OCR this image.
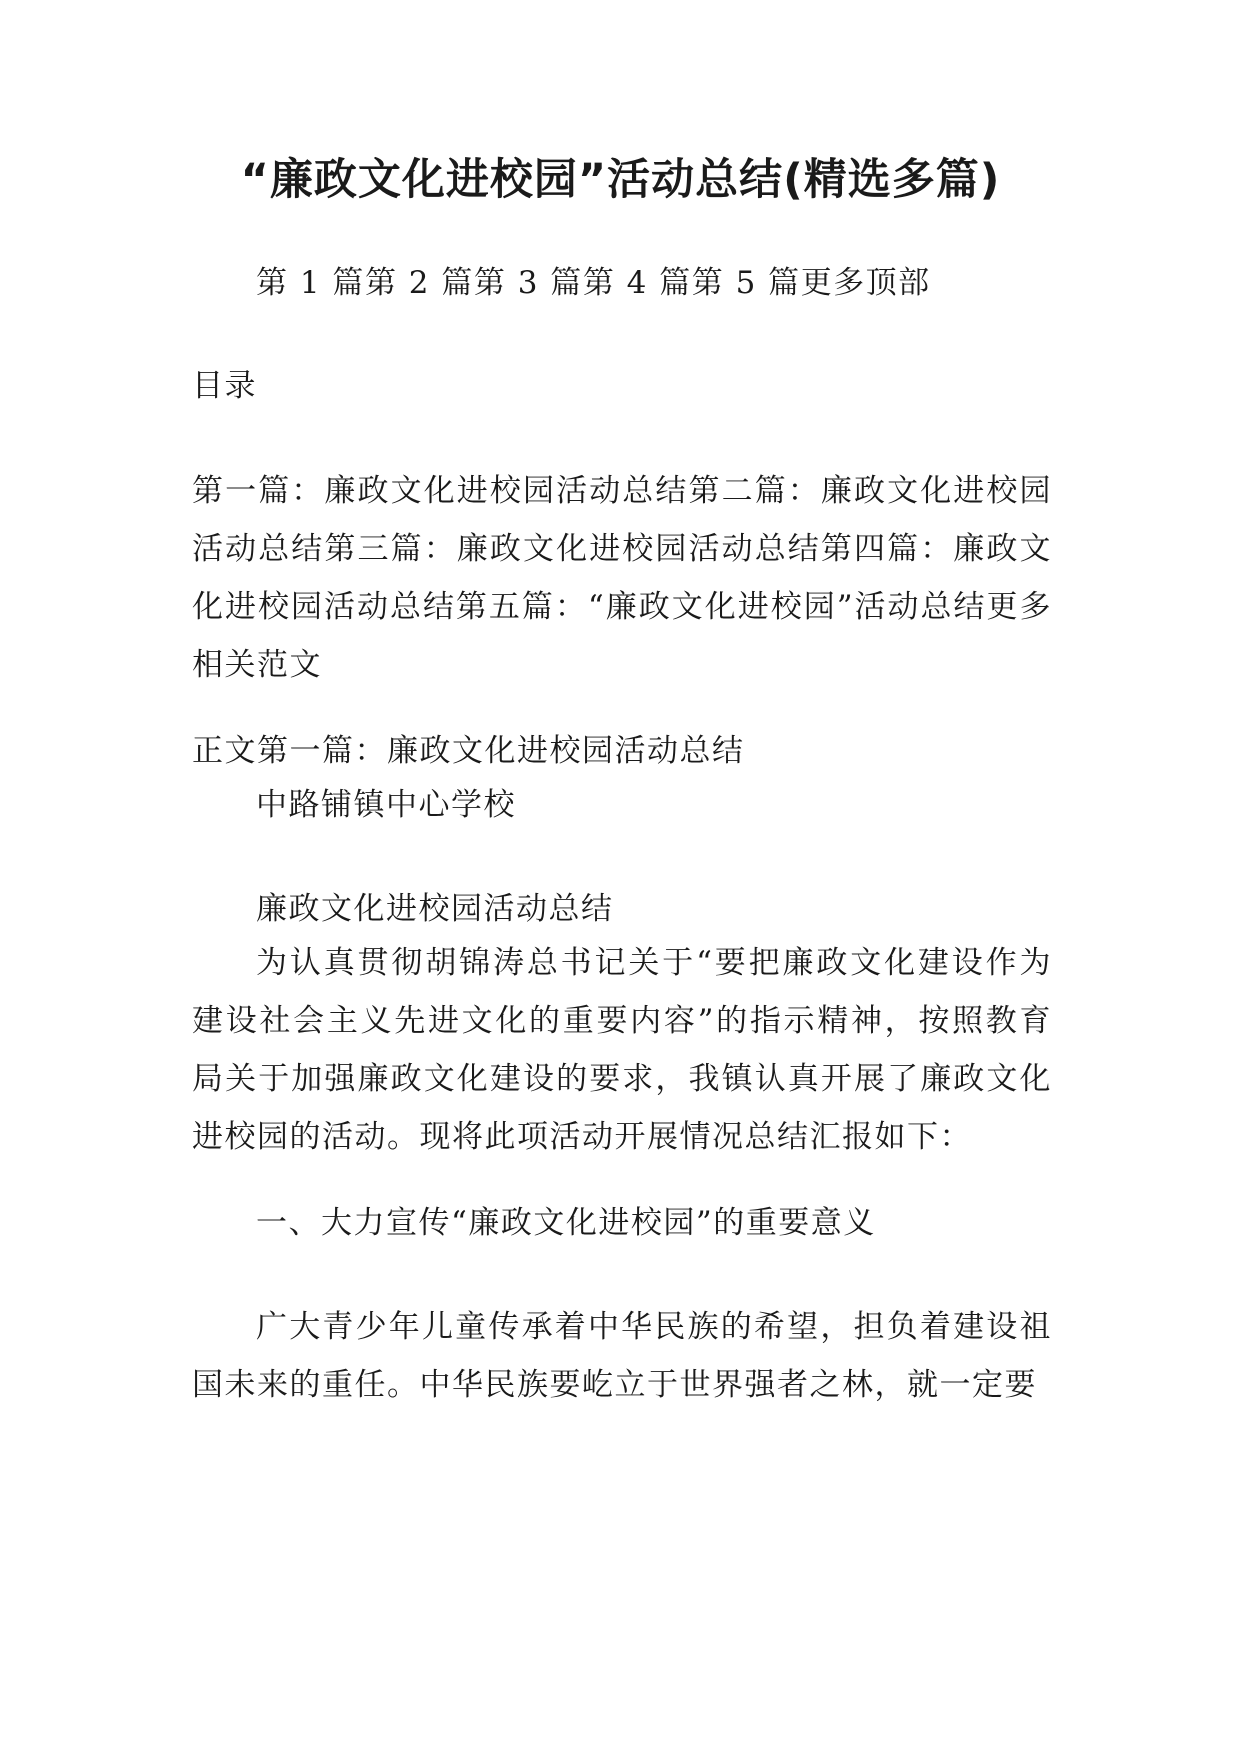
“廉政文化进校园”活动总结(精选多篇)
第 1 篇第 2 篇第 3 篇第 4 篇第 5 篇更多顶部

目录

第一篇：廉政文化进校园活动总结第二篇：廉政文化进校园活动总结第三篇：廉政文化进校园活动总结第四篇：廉政文化进校园活动总结第五篇：“廉政文化进校园”活动总结更多相关范文

正文第一篇：廉政文化进校园活动总结

中路铺镇中心学校

廉政文化进校园活动总结

为认真贯彻胡锦涛总书记关于“要把廉政文化建设作为建设社会主义先进文化的重要内容”的指示精神，按照教育局关于加强廉政文化建设的要求，我镇认真开展了廉政文化进校园的活动。现将此项活动开展情况总结汇报如下：

一、大力宣传“廉政文化进校园”的重要意义

广大青少年儿童传承着中华民族的希望，担负着建设祖国未来的重任。中华民族要屹立于世界强者之林，就一定要
